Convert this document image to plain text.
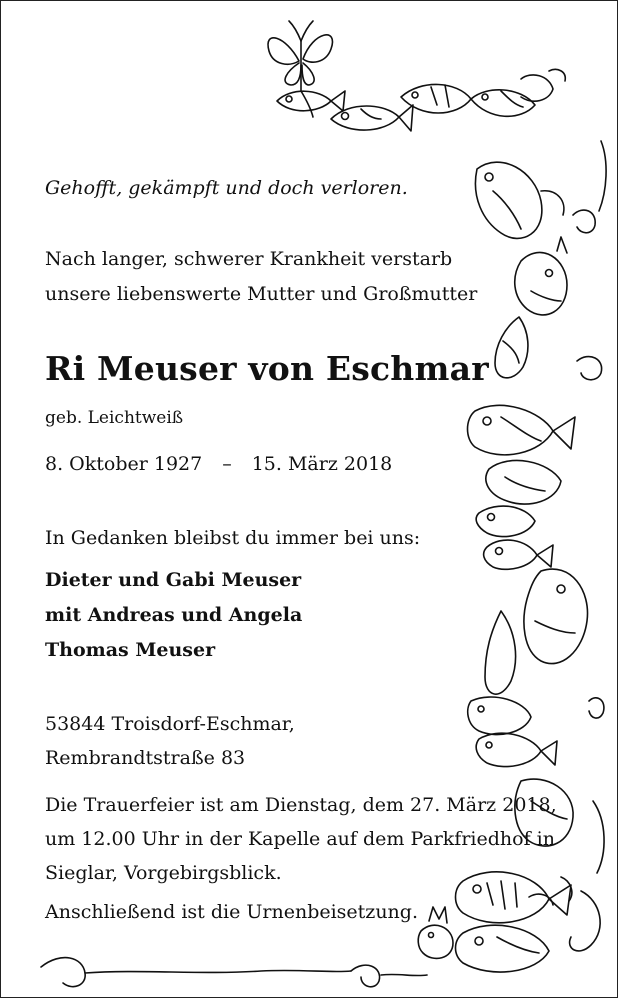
Gehofft, gekämpft und doch verloren.
Nach langer, schwerer Krankheit verstarb
unsere liebenswerte Mutter und Großmutter
Ri Meuser von Eschmar
geb. Leichtweiß
8. Oktober 1927 – 15. März 2018
In Gedanken bleibst du immer bei uns:
Dieter und Gabi Meuser
mit Andreas und Angela
Thomas Meuser
53844 Troisdorf-Eschmar,
Rembrandtstraße 83
Die Trauerfeier ist am Dienstag, dem 27. März 2018,
um 12.00 Uhr in der Kapelle auf dem Parkfriedhof in
Sieglar, Vorgebirgsblick.
Anschließend ist die Urnenbeisetzung.
